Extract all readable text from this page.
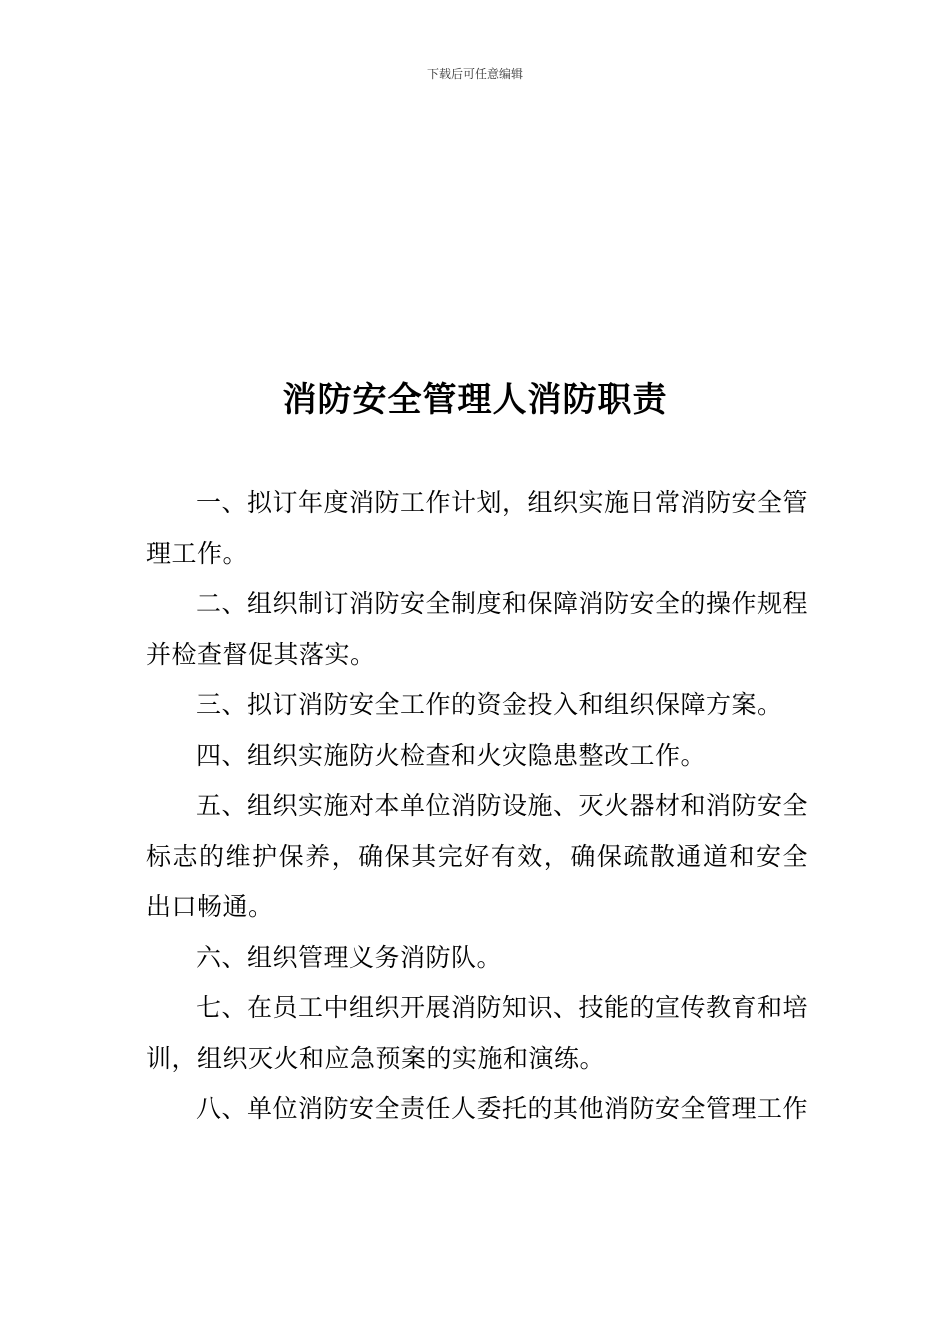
下载后可任意编辑
消防安全管理人消防职责

一、拟订年度消防工作计划，组织实施日常消防安全管理工作。

二、组织制订消防安全制度和保障消防安全的操作规程并检查督促其落实。

三、拟订消防安全工作的资金投入和组织保障方案。

四、组织实施防火检查和火灾隐患整改工作。

五、组织实施对本单位消防设施、灭火器材和消防安全标志的维护保养，确保其完好有效，确保疏散通道和安全出口畅通。

六、组织管理义务消防队。

七、在员工中组织开展消防知识、技能的宣传教育和培训，组织灭火和应急预案的实施和演练。

八、单位消防安全责任人委托的其他消防安全管理工作
